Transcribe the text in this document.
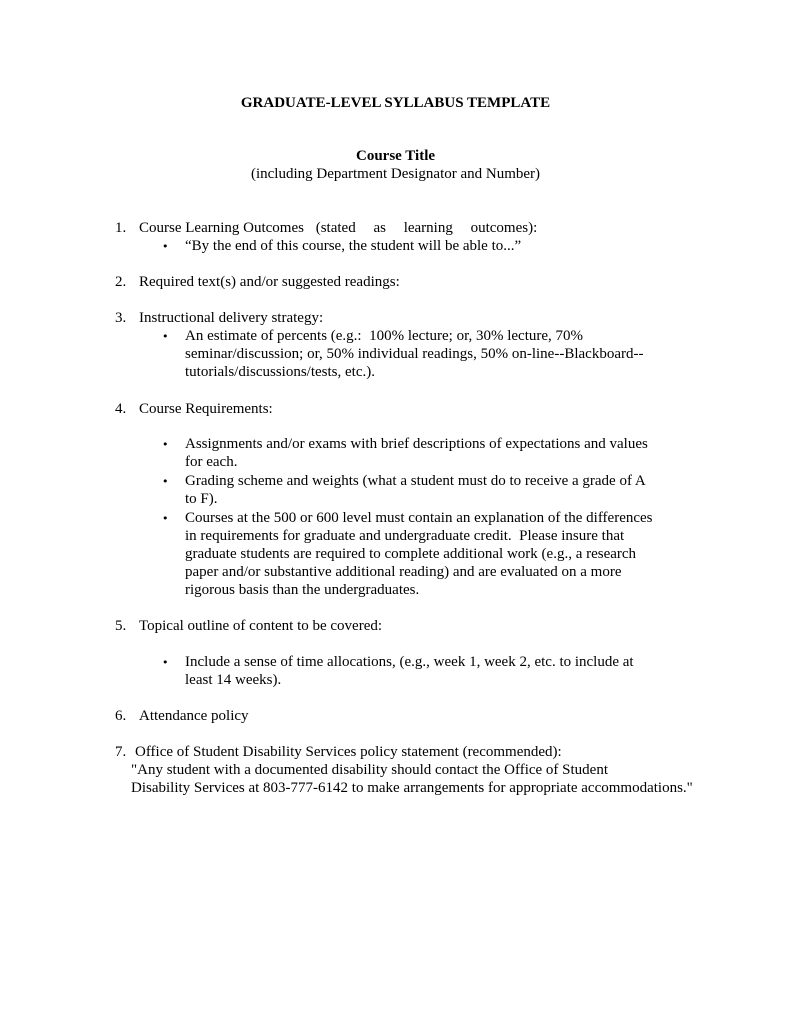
GRADUATE-LEVEL SYLLABUS TEMPLATE
Course Title
(including Department Designator and Number)
1. Course Learning Outcomes (stated as learning outcomes):
• “By the end of this course, the student will be able to...”
2. Required text(s) and/or suggested readings:
3. Instructional delivery strategy:
• An estimate of percents (e.g.:  100% lecture; or, 30% lecture, 70%
seminar/discussion; or, 50% individual readings, 50% on-line--Blackboard--
tutorials/discussions/tests, etc.).
4. Course Requirements:
• Assignments and/or exams with brief descriptions of expectations and values
for each.
• Grading scheme and weights (what a student must do to receive a grade of A
to F).
• Courses at the 500 or 600 level must contain an explanation of the differences
in requirements for graduate and undergraduate credit.  Please insure that
graduate students are required to complete additional work (e.g., a research
paper and/or substantive additional reading) and are evaluated on a more
rigorous basis than the undergraduates.
5. Topical outline of content to be covered:
• Include a sense of time allocations, (e.g., week 1, week 2, etc. to include at
least 14 weeks).
6. Attendance policy
7. Office of Student Disability Services policy statement (recommended):
"Any student with a documented disability should contact the Office of Student
Disability Services at 803-777-6142 to make arrangements for appropriate accommodations."
